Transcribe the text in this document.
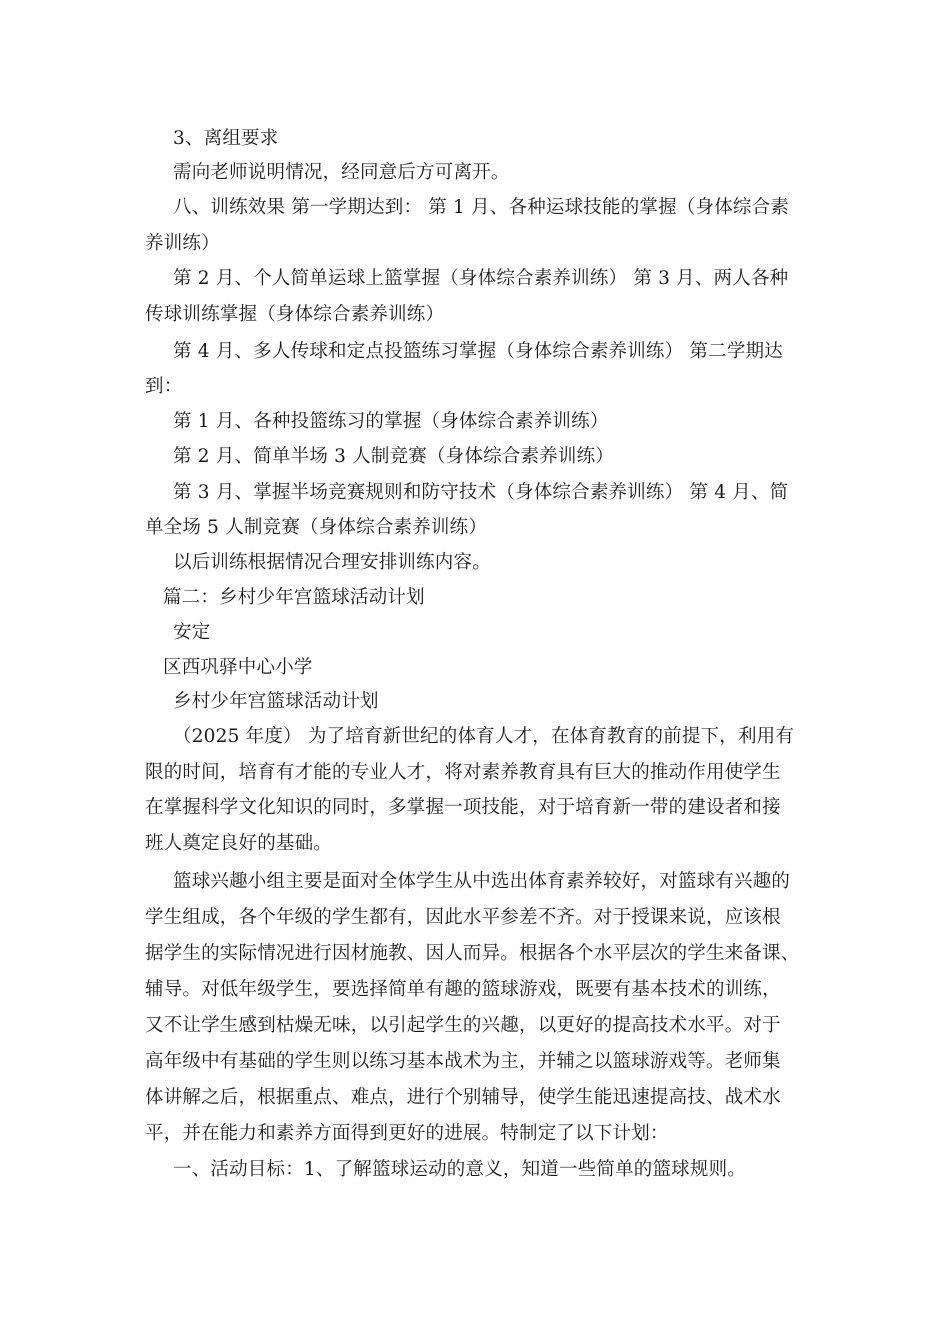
3、离组要求
需向老师说明情况，经同意后方可离开。
八、训练效果 第一学期达到： 第 1 月、各种运球技能的掌握（身体综合素
养训练）
第 2 月、个人简单运球上篮掌握（身体综合素养训练） 第 3 月、两人各种
传球训练掌握（身体综合素养训练）
第 4 月、多人传球和定点投篮练习掌握（身体综合素养训练） 第二学期达
到：
第 1 月、各种投篮练习的掌握（身体综合素养训练）
第 2 月、简单半场 3 人制竞赛（身体综合素养训练）
第 3 月、掌握半场竞赛规则和防守技术（身体综合素养训练） 第 4 月、简
单全场 5 人制竞赛（身体综合素养训练）
以后训练根据情况合理安排训练内容。
篇二：乡村少年宫篮球活动计划
安定
区西巩驿中心小学
乡村少年宫篮球活动计划
（2025 年度） 为了培育新世纪的体育人才，在体育教育的前提下，利用有
限的时间，培育有才能的专业人才，将对素养教育具有巨大的推动作用使学生
在掌握科学文化知识的同时，多掌握一项技能，对于培育新一带的建设者和接
班人奠定良好的基础。
篮球兴趣小组主要是面对全体学生从中选出体育素养较好，对篮球有兴趣的
学生组成，各个年级的学生都有，因此水平参差不齐。对于授课来说，应该根
据学生的实际情况进行因材施教、因人而异。根据各个水平层次的学生来备课、
辅导。对低年级学生，要选择简单有趣的篮球游戏，既要有基本技术的训练，
又不让学生感到枯燥无味，以引起学生的兴趣，以更好的提高技术水平。对于
高年级中有基础的学生则以练习基本战术为主，并辅之以篮球游戏等。老师集
体讲解之后，根据重点、难点，进行个别辅导，使学生能迅速提高技、战术水
平，并在能力和素养方面得到更好的进展。特制定了以下计划：
一、活动目标：1、了解篮球运动的意义，知道一些简单的篮球规则。
